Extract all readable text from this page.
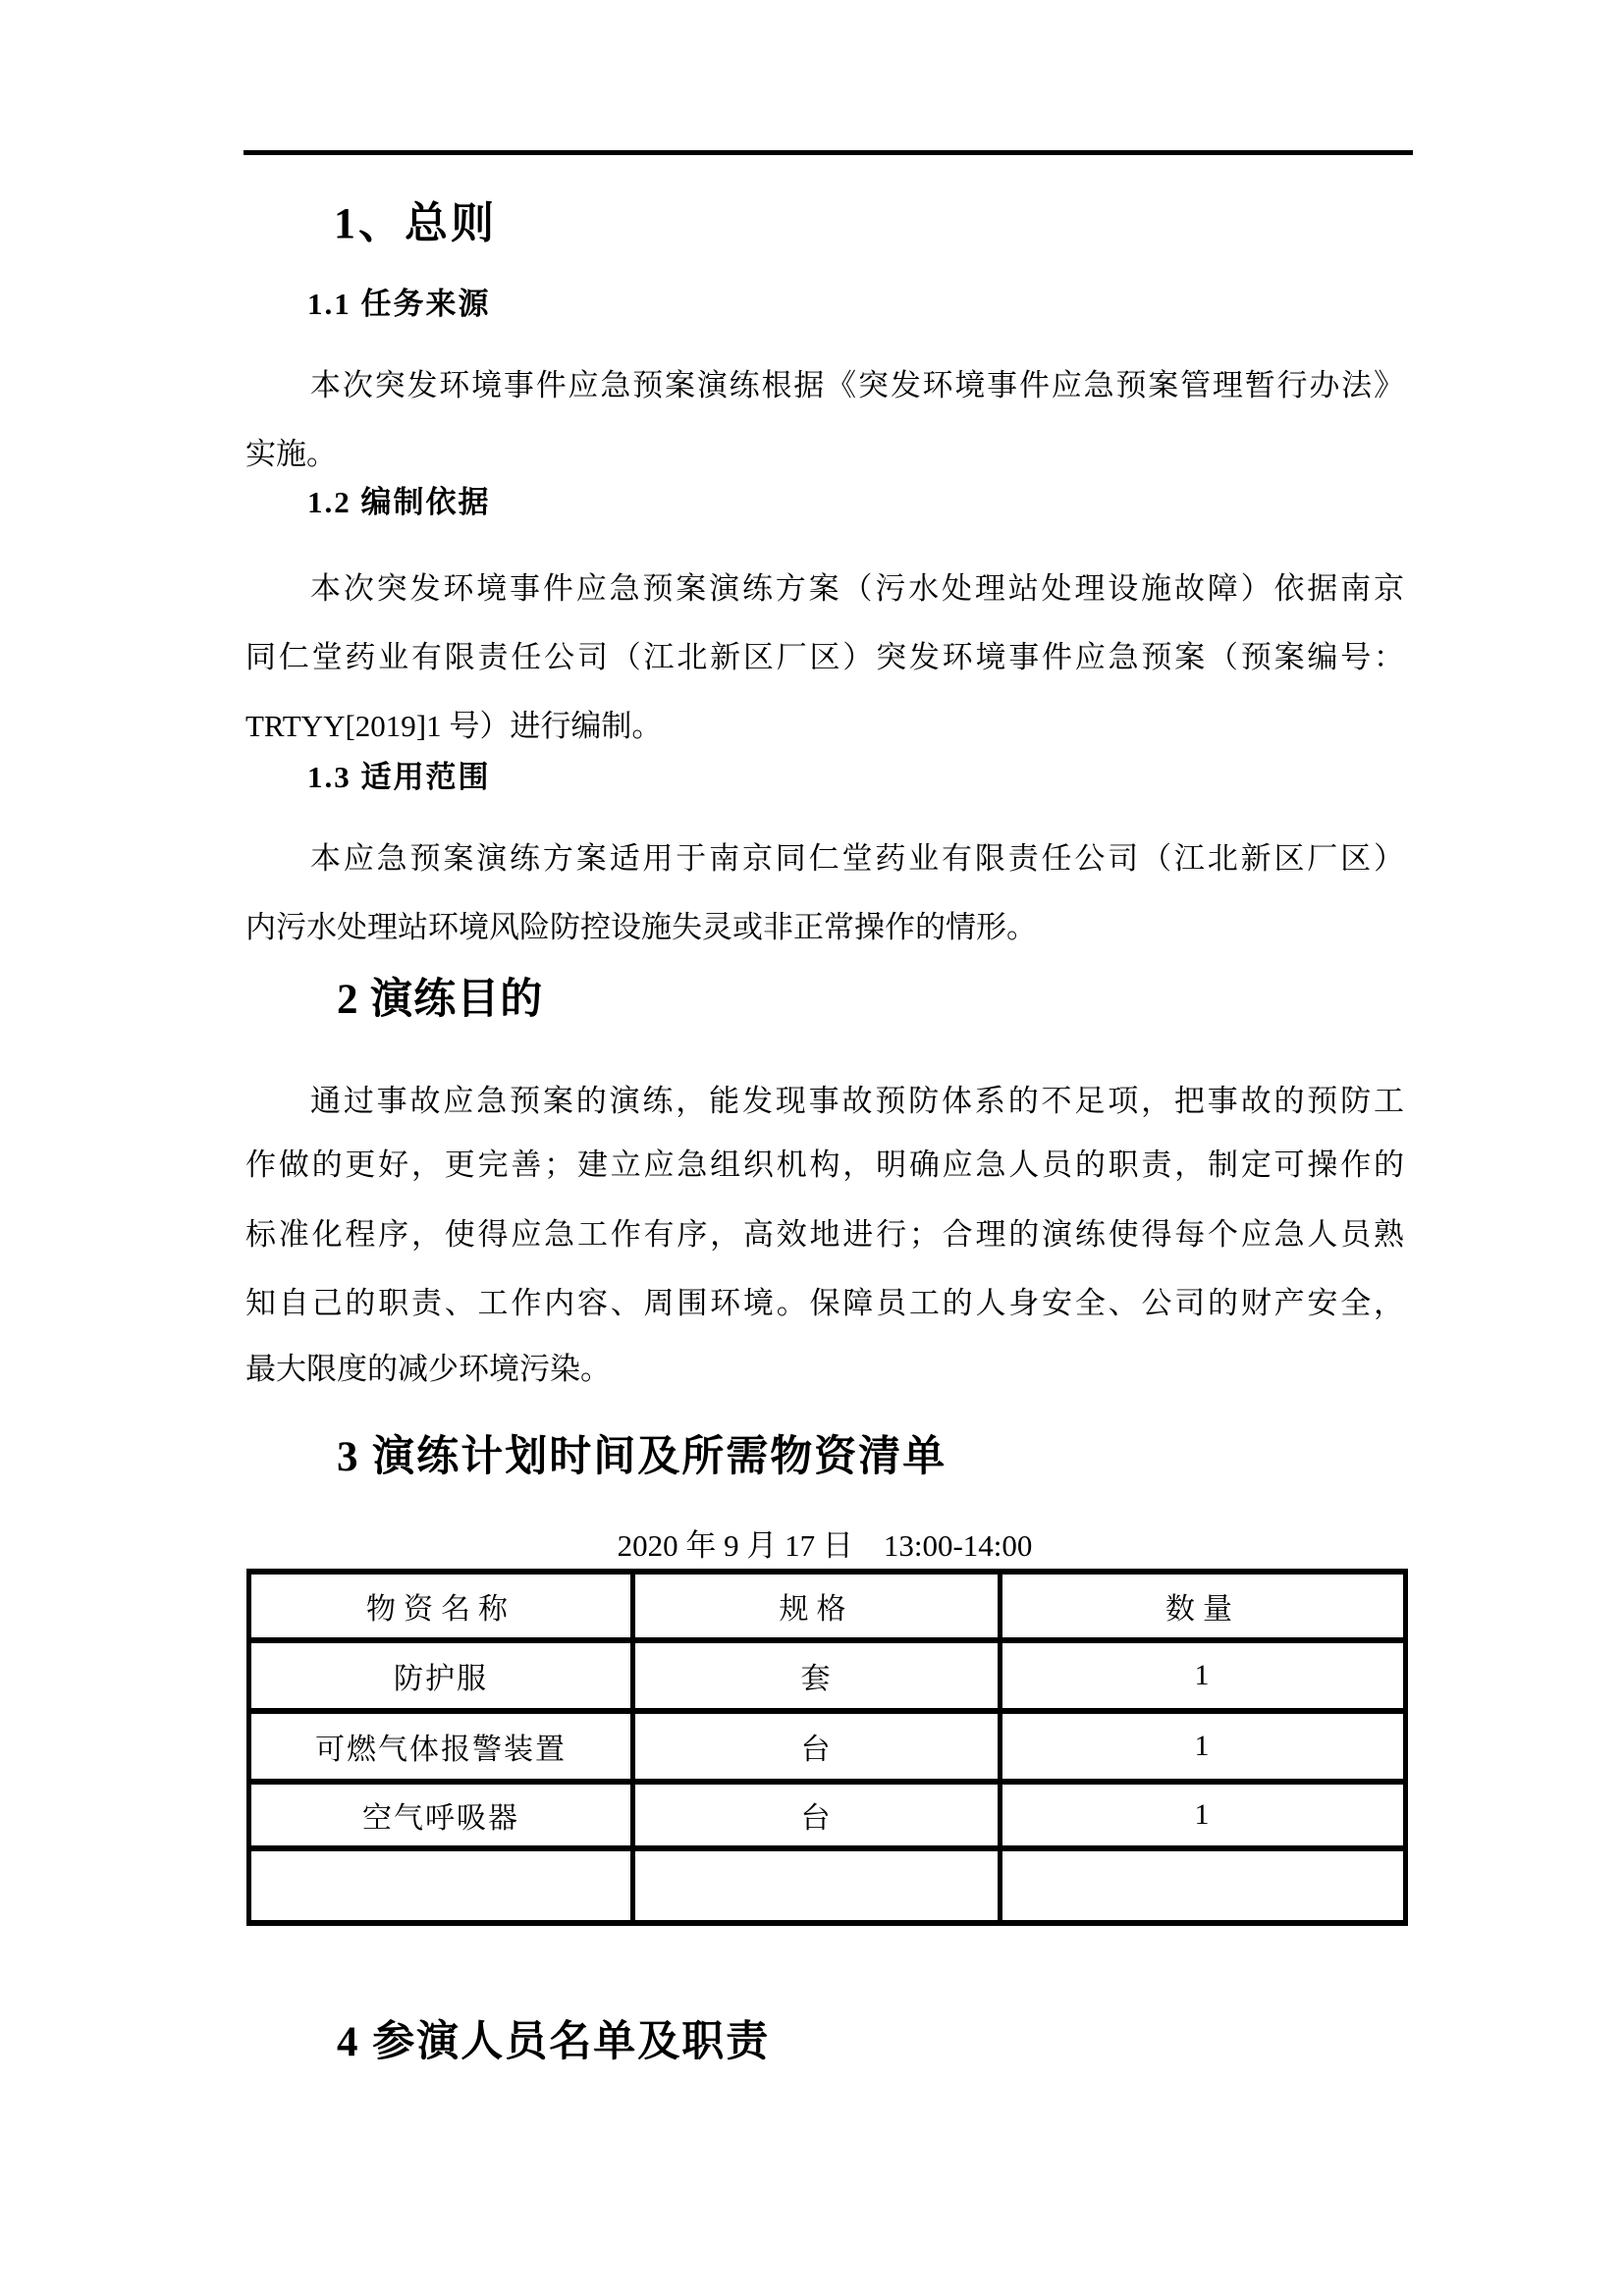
1、总则
1.1 任务来源
本次突发环境事件应急预案演练根据《突发环境事件应急预案管理暂行办法》
实施。
1.2 编制依据
本次突发环境事件应急预案演练方案（污水处理站处理设施故障）依据南京
同仁堂药业有限责任公司（江北新区厂区）突发环境事件应急预案（预案编号：
TRTYY[2019]1 号）进行编制。
1.3 适用范围
本应急预案演练方案适用于南京同仁堂药业有限责任公司（江北新区厂区）
内污水处理站环境风险防控设施失灵或非正常操作的情形。
2 演练目的
通过事故应急预案的演练，能发现事故预防体系的不足项，把事故的预防工
作做的更好，更完善；建立应急组织机构，明确应急人员的职责，制定可操作的
标准化程序，使得应急工作有序，高效地进行；合理的演练使得每个应急人员熟
知自己的职责、工作内容、周围环境。保障员工的人身安全、公司的财产安全，
最大限度的减少环境污染。
3 演练计划时间及所需物资清单
2020 年 9 月 17 日　13:00-14:00
物资名称	规格	数量
防护服	套	1
可燃气体报警装置	台	1
空气呼吸器	台	1

4 参演人员名单及职责
